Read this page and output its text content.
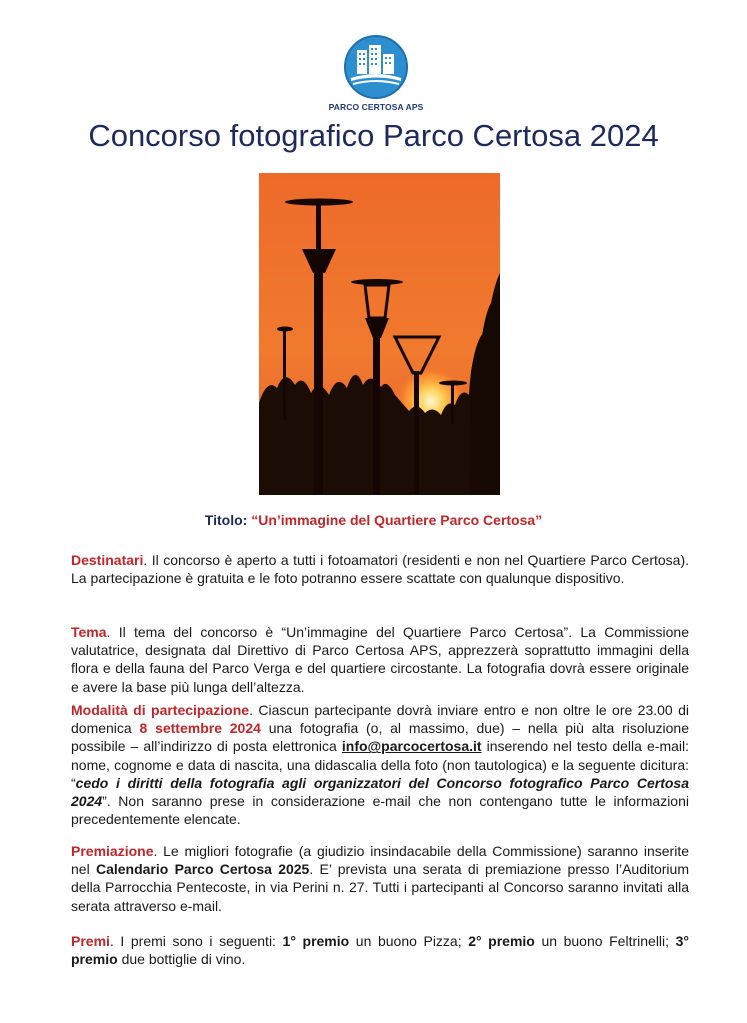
PARCO CERTOSA APS
Concorso fotografico Parco Certosa 2024
Titolo: “Un’immagine del Quartiere Parco Certosa”
Destinatari. Il concorso è aperto a tutti i fotoamatori (residenti e non nel Quartiere Parco Certosa). La partecipazione è gratuita e le foto potranno essere scattate con qualunque dispositivo.
Tema. Il tema del concorso è “Un’immagine del Quartiere Parco Certosa”. La Commissione valutatrice, designata dal Direttivo di Parco Certosa APS, apprezzerà soprattutto immagini della flora e della fauna del Parco Verga e del quartiere circostante. La fotografia dovrà essere originale e avere la base più lunga dell’altezza.
Modalità di partecipazione. Ciascun partecipante dovrà inviare entro e non oltre le ore 23.00 di domenica 8 settembre 2024 una fotografia (o, al massimo, due) – nella più alta risoluzione possibile – all’indirizzo di posta elettronica info@parcocertosa.it inserendo nel testo della e-mail: nome, cognome e data di nascita, una didascalia della foto (non tautologica) e la seguente dicitura: “cedo i diritti della fotografia agli organizzatori del Concorso fotografico Parco Certosa 2024”. Non saranno prese in considerazione e-mail che non contengano tutte le informazioni precedentemente elencate.
Premiazione. Le migliori fotografie (a giudizio insindacabile della Commissione) saranno inserite nel Calendario Parco Certosa 2025. E’ prevista una serata di premiazione presso l’Auditorium della Parrocchia Pentecoste, in via Perini n. 27. Tutti i partecipanti al Concorso saranno invitati alla serata attraverso e-mail.
Premi. I premi sono i seguenti: 1° premio un buono Pizza; 2° premio un buono Feltrinelli; 3° premio due bottiglie di vino.
